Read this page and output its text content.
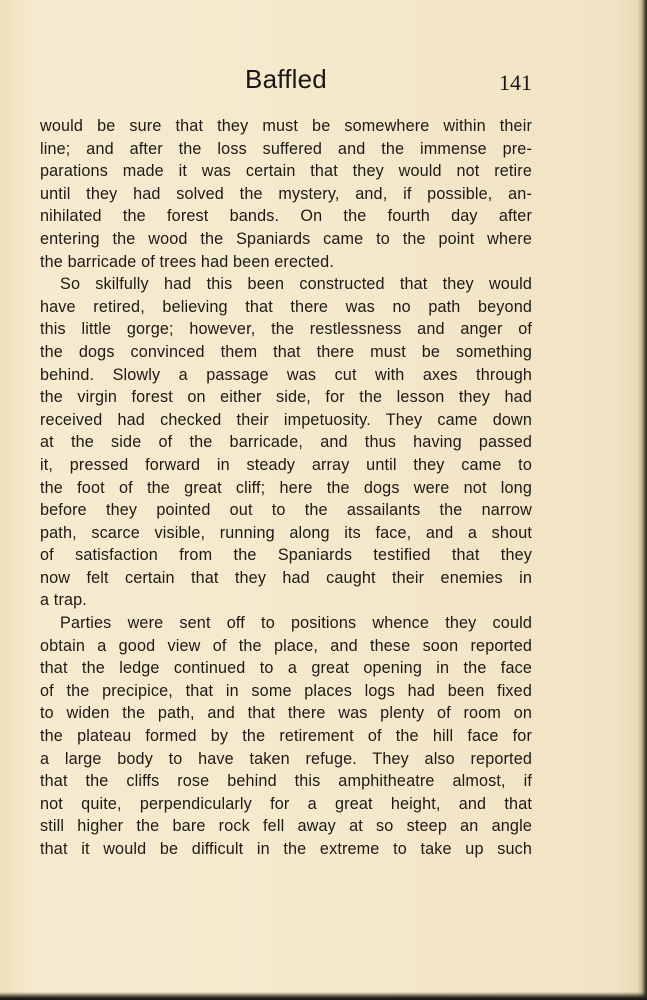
Baffled	141
would be sure that they must be somewhere within their
line; and after the loss suffered and the immense pre-
parations made it was certain that they would not retire
until they had solved the mystery, and, if possible, an-
nihilated the forest bands. On the fourth day after
entering the wood the Spaniards came to the point where
the barricade of trees had been erected.
So skilfully had this been constructed that they would
have retired, believing that there was no path beyond
this little gorge; however, the restlessness and anger of
the dogs convinced them that there must be something
behind. Slowly a passage was cut with axes through
the virgin forest on either side, for the lesson they had
received had checked their impetuosity. They came down
at the side of the barricade, and thus having passed
it, pressed forward in steady array until they came to
the foot of the great cliff; here the dogs were not long
before they pointed out to the assailants the narrow
path, scarce visible, running along its face, and a shout
of satisfaction from the Spaniards testified that they
now felt certain that they had caught their enemies in
a trap.
Parties were sent off to positions whence they could
obtain a good view of the place, and these soon reported
that the ledge continued to a great opening in the face
of the precipice, that in some places logs had been fixed
to widen the path, and that there was plenty of room on
the plateau formed by the retirement of the hill face for
a large body to have taken refuge. They also reported
that the cliffs rose behind this amphitheatre almost, if
not quite, perpendicularly for a great height, and that
still higher the bare rock fell away at so steep an angle
that it would be difficult in the extreme to take up such
